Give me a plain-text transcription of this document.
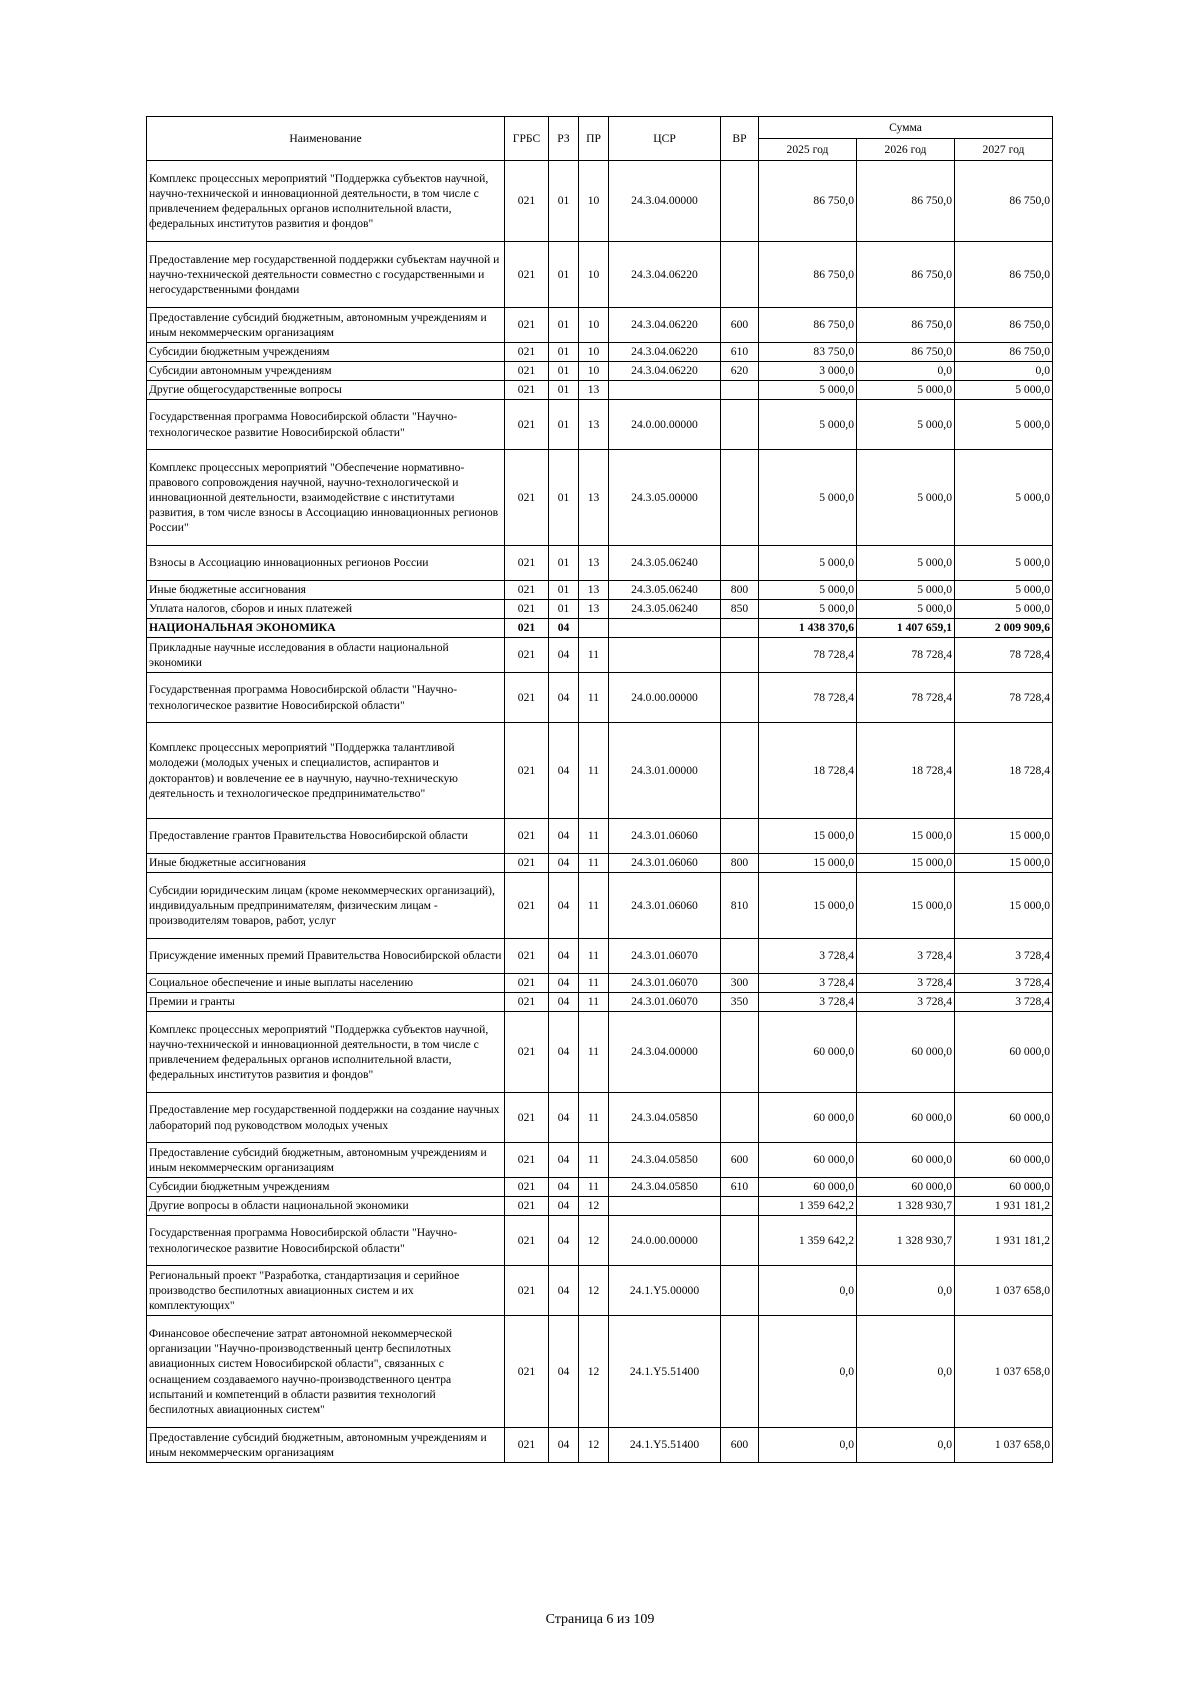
Наименование	ГРБС	РЗ	ПР	ЦСР	ВР	Сумма		
						2025 год	2026 год	2027 год
Комплекс процессных мероприятий "Поддержка субъектов научной, научно-технической и инновационной деятельности, в том числе с привлечением федеральных органов исполнительной власти, федеральных институтов развития и фондов"	021	01	10	24.3.04.00000		86 750,0	86 750,0	86 750,0
Предоставление мер государственной поддержки субъектам научной и научно-технической деятельности совместно с государственными и негосударственными фондами	021	01	10	24.3.04.06220		86 750,0	86 750,0	86 750,0
Предоставление субсидий бюджетным, автономным учреждениям и иным некоммерческим организациям	021	01	10	24.3.04.06220	600	86 750,0	86 750,0	86 750,0
Субсидии бюджетным учреждениям	021	01	10	24.3.04.06220	610	83 750,0	86 750,0	86 750,0
Субсидии автономным учреждениям	021	01	10	24.3.04.06220	620	3 000,0	0,0	0,0
Другие общегосударственные вопросы	021	01	13			5 000,0	5 000,0	5 000,0
Государственная программа Новосибирской области "Научно-технологическое развитие Новосибирской области"	021	01	13	24.0.00.00000		5 000,0	5 000,0	5 000,0
Комплекс процессных мероприятий "Обеспечение нормативно-правового сопровождения научной, научно-технологической и инновационной деятельности, взаимодействие с институтами развития, в том числе взносы в Ассоциацию инновационных регионов России"	021	01	13	24.3.05.00000		5 000,0	5 000,0	5 000,0
Взносы в Ассоциацию инновационных регионов России	021	01	13	24.3.05.06240		5 000,0	5 000,0	5 000,0
Иные бюджетные ассигнования	021	01	13	24.3.05.06240	800	5 000,0	5 000,0	5 000,0
Уплата налогов, сборов и иных платежей	021	01	13	24.3.05.06240	850	5 000,0	5 000,0	5 000,0
НАЦИОНАЛЬНАЯ ЭКОНОМИКА	021	04				1 438 370,6	1 407 659,1	2 009 909,6
Прикладные научные исследования в области национальной экономики	021	04	11			78 728,4	78 728,4	78 728,4
Государственная программа Новосибирской области "Научно-технологическое развитие Новосибирской области"	021	04	11	24.0.00.00000		78 728,4	78 728,4	78 728,4
Комплекс процессных мероприятий "Поддержка талантливой молодежи (молодых ученых и специалистов, аспирантов и докторантов) и вовлечение ее в научную, научно-техническую деятельность и технологическое предпринимательство"	021	04	11	24.3.01.00000		18 728,4	18 728,4	18 728,4
Предоставление грантов Правительства Новосибирской области	021	04	11	24.3.01.06060		15 000,0	15 000,0	15 000,0
Иные бюджетные ассигнования	021	04	11	24.3.01.06060	800	15 000,0	15 000,0	15 000,0
Субсидии юридическим лицам (кроме некоммерческих организаций), индивидуальным предпринимателям, физическим лицам - производителям товаров, работ, услуг	021	04	11	24.3.01.06060	810	15 000,0	15 000,0	15 000,0
Присуждение именных премий Правительства Новосибирской области	021	04	11	24.3.01.06070		3 728,4	3 728,4	3 728,4
Социальное обеспечение и иные выплаты населению	021	04	11	24.3.01.06070	300	3 728,4	3 728,4	3 728,4
Премии и гранты	021	04	11	24.3.01.06070	350	3 728,4	3 728,4	3 728,4
Комплекс процессных мероприятий "Поддержка субъектов научной, научно-технической и инновационной деятельности, в том числе с привлечением федеральных органов исполнительной власти, федеральных институтов развития и фондов"	021	04	11	24.3.04.00000		60 000,0	60 000,0	60 000,0
Предоставление мер государственной поддержки на создание научных лабораторий под руководством молодых ученых	021	04	11	24.3.04.05850		60 000,0	60 000,0	60 000,0
Предоставление субсидий бюджетным, автономным учреждениям и иным некоммерческим организациям	021	04	11	24.3.04.05850	600	60 000,0	60 000,0	60 000,0
Субсидии бюджетным учреждениям	021	04	11	24.3.04.05850	610	60 000,0	60 000,0	60 000,0
Другие вопросы в области национальной экономики	021	04	12			1 359 642,2	1 328 930,7	1 931 181,2
Государственная программа Новосибирской области "Научно-технологическое развитие Новосибирской области"	021	04	12	24.0.00.00000		1 359 642,2	1 328 930,7	1 931 181,2
Региональный проект "Разработка, стандартизация и серийное производство беспилотных авиационных систем и их комплектующих"	021	04	12	24.1.Y5.00000		0,0	0,0	1 037 658,0
Финансовое обеспечение затрат автономной некоммерческой организации "Научно-производственный центр беспилотных авиационных систем Новосибирской области", связанных с оснащением создаваемого научно-производственного центра испытаний и компетенций в области развития технологий беспилотных авиационных систем"	021	04	12	24.1.Y5.51400		0,0	0,0	1 037 658,0
Предоставление субсидий бюджетным, автономным учреждениям и иным некоммерческим организациям	021	04	12	24.1.Y5.51400	600	0,0	0,0	1 037 658,0
Страница 6 из 109
